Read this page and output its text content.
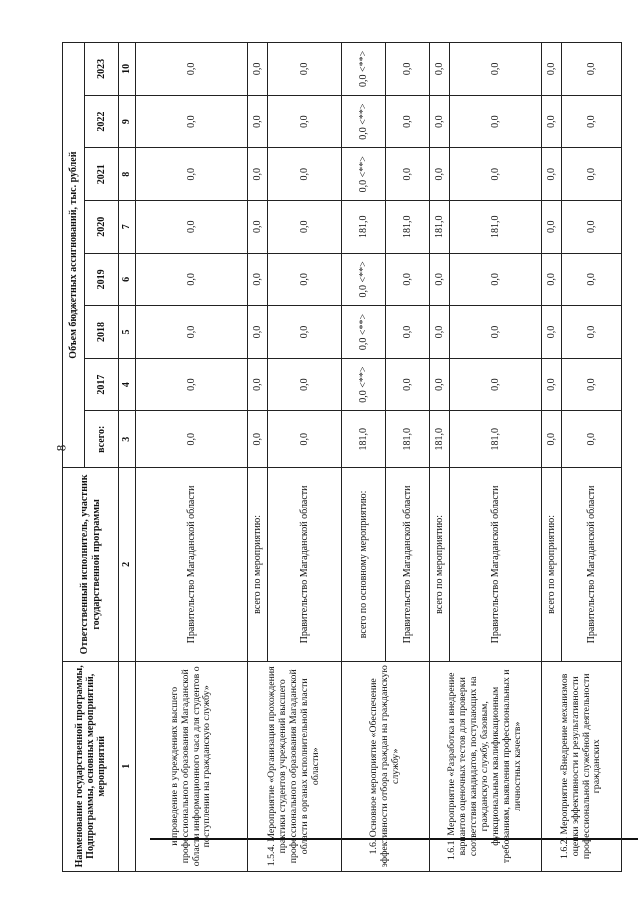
8
Наименование государственной программы, Подпрограммы, основных мероприятий, мероприятий	Ответственный исполнитель, участник государственной программы	Объем бюджетных ассигнований, тыс. рублей							
		всего:	2017	2018	2019	2020	2021	2022	2023
1	2	3	4	5	6	7	8	9	10
и проведение в учреждениях высшего профессионального образования Магаданской области информационного часа для студентов о поступлении на гражданскую службу»	Правительство Магаданской области	0,0	0,0	0,0	0,0	0,0	0,0	0,0	0,0
1.5.4. Мероприятие «Организация прохождения практики студентов учреждений высшего профессионального образования Магаданской области в органах исполнительной власти области»	всего по мероприятию:	0,0	0,0	0,0	0,0	0,0	0,0	0,0	0,0
	Правительство Магаданской области	0,0	0,0	0,0	0,0	0,0	0,0	0,0	0,0
1.6. Основное мероприятие «Обеспечение эффективности отбора граждан на гражданскую службу»	всего по основному мероприятию:	181,0	0,0 <**>	0,0 <**>	0,0 <**>	181,0	0,0 <**>	0,0 <**>	0,0 <**>
	Правительство Магаданской области	181,0	0,0	0,0	0,0	181,0	0,0	0,0	0,0
1.6.1. Мероприятие «Разработка и внедрение вариантов оценочных тестов для проверки соответствия кандидатов, поступающих на гражданскую службу, базовым, функциональным квалификационным требованиям, выявления профессиональных и личностных качеств»	всего по мероприятию:	181,0	0,0	0,0	0,0	181,0	0,0	0,0	0,0
	Правительство Магаданской области	181,0	0,0	0,0	0,0	181,0	0,0	0,0	0,0
1.6.2. Мероприятие «Внедрение механизмов оценки эффективности и результативности профессиональной служебной деятельности гражданских	всего по мероприятию:	0,0	0,0	0,0	0,0	0,0	0,0	0,0	0,0
	Правительство Магаданской области	0,0	0,0	0,0	0,0	0,0	0,0	0,0	0,0
